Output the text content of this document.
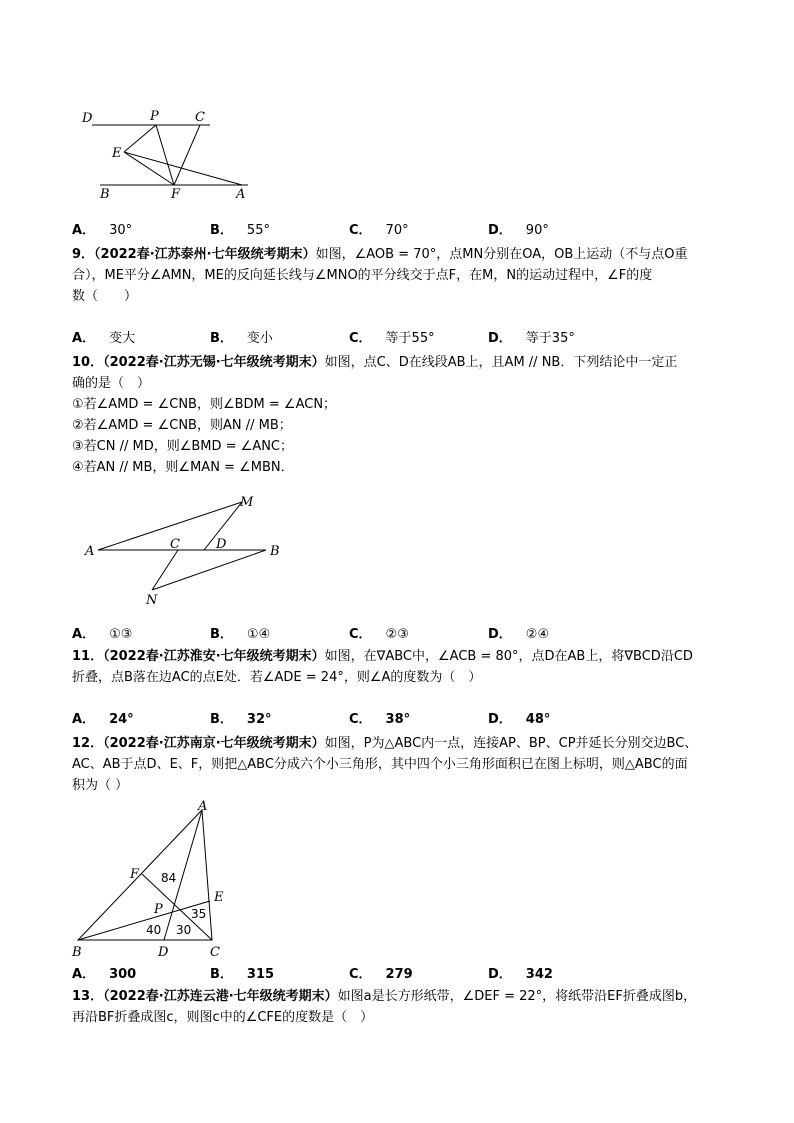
D	P	C
E
B	F	A
A． 30°	B． 55°	C． 70°	D． 90°
9．（2022春·江苏泰州·七年级统考期末）如图，∠AOB = 70°，点MN分别在OA，OB上运动（不与点O重
合），ME平分∠AMN，ME的反向延长线与∠MNO的平分线交于点F，在M，N的运动过程中，∠F的度
数（　　）
A． 变大	B． 变小	C． 等于55°	D． 等于35°
10．（2022春·江苏无锡·七年级统考期末）如图，点C、D在线段AB上，且AM // NB．下列结论中一定正
确的是（　）
①若∠AMD = ∠CNB，则∠BDM = ∠ACN；
②若∠AMD = ∠CNB，则AN // MB；
③若CN // MD，则∠BMD = ∠ANC；
④若AN // MB，则∠MAN = ∠MBN．
M
A	C	D	B
N
A． ①③	B． ①④	C． ②③	D． ②④
11．（2022春·江苏淮安·七年级统考期末）如图，在∇ABC中，∠ACB = 80°，点D在AB上，将∇BCD沿CD
折叠，点B落在边AC的点E处．若∠ADE = 24°，则∠A的度数为（　）
A． 24°	B． 32°	C． 38°	D． 48°
12．（2022春·江苏南京·七年级统考期末）如图，P为△ABC内一点，连接AP、BP、CP并延长分别交边BC、
AC、AB于点D、E、F，则把△ABC分成六个小三角形，其中四个小三角形面积已在图上标明，则△ABC的面
积为（ ）
A
F
E
P
B	D	C
84
35
40 30
A． 300	B． 315	C． 279	D． 342
13．（2022春·江苏连云港·七年级统考期末）如图a是长方形纸带，∠DEF = 22°，将纸带沿EF折叠成图b，
再沿BF折叠成图c，则图c中的∠CFE的度数是（　）
